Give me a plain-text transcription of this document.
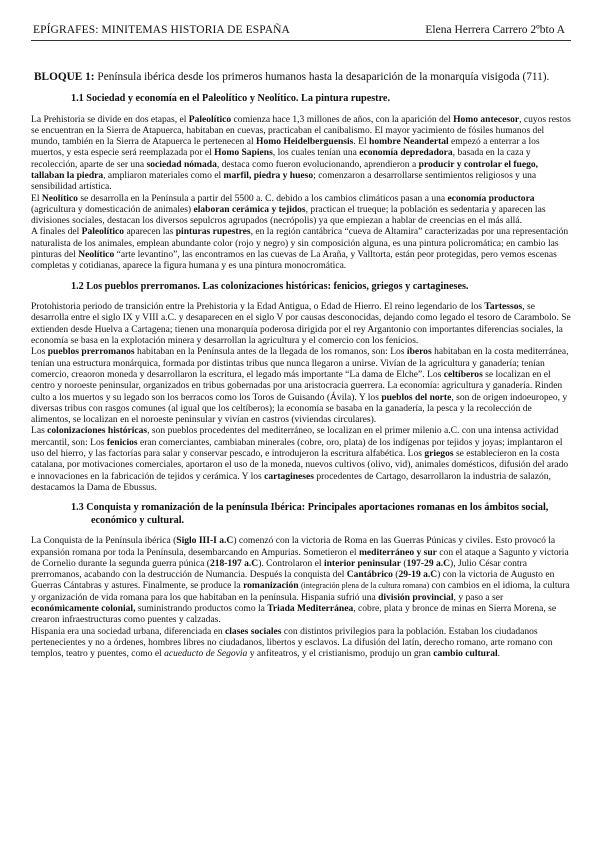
EPÍGRAFES: MINITEMAS HISTORIA DE ESPAÑA	Elena Herrera Carrero 2ºbto A

BLOQUE 1: Península ibérica desde los primeros humanos hasta la desaparición de la monarquía visigoda (711).

1.1 Sociedad y economía en el Paleolítico y Neolítico. La pintura rupestre.

La Prehistoria se divide en dos etapas, el Paleolítico comienza hace 1,3 millones de años, con la aparición del Homo antecesor, cuyos restos se encuentran en la Sierra de Atapuerca, habitaban en cuevas, practicaban el canibalismo. El mayor yacimiento de fósiles humanos del mundo, también en la Sierra de Atapuerca le pertenecen al Homo Heidelberguensis. El hombre Neandertal empezó a enterrar a los muertos, y esta especie será reemplazada por el Homo Sapiens, los cuales tenían una economía depredadora, basada en la caza y recolección, aparte de ser una sociedad nómada, destaca como fueron evolucionando, aprendieron a producir y controlar el fuego, tallaban la piedra, ampliaron materiales como el marfil, piedra y hueso; comenzaron a desarrollarse sentimientos religiosos y una sensibilidad artística.

El Neolítico se desarrolla en la Península a partir del 5500 a. C. debido a los cambios climáticos pasan a una economía productora (agricultura y domesticación de animales) elaboran cerámica y tejidos, practican el trueque; la población es sedentaria y aparecen las divisiones sociales, destacan los diversos sepulcros agrupados (necrópolis) ya que empiezan a hablar de creencias en el más allá.

A finales del Paleolítico aparecen las pinturas rupestres, en la región cantábrica “cueva de Altamira” caracterizadas por una representación naturalista de los animales, emplean abundante color (rojo y negro) y sin composición alguna, es una pintura policromática; en cambio las pinturas del Neolítico “arte levantino”, las encontramos en las cuevas de La Araña, y Valltorta, están peor protegidas, pero vemos escenas completas y cotidianas, aparece la figura humana y es una pintura monocromática.

1.2 Los pueblos prerromanos. Las colonizaciones históricas: fenicios, griegos y cartagineses.

Protohistoria periodo de transición entre la Prehistoria y la Edad Antigua, o Edad de Hierro. El reino legendario de los Tartessos, se desarrolla entre el siglo IX y VIII a.C. y desaparecen en el siglo V por causas desconocidas, dejando como legado el tesoro de Carambolo. Se extienden desde Huelva a Cartagena; tienen una monarquía poderosa dirigida por el rey Argantonio con importantes diferencias sociales, la economía se basa en la explotación minera y desarrollan la agricultura y el comercio con los fenicios.

Los pueblos prerromanos habitaban en la Península antes de la llegada de los romanos, son: Los íberos habitaban en la costa mediterránea, tenían una estructura monárquica, formada por distintas tribus que nunca llegaron a unirse. Vivían de la agricultura y ganadería; tenían comercio, creaoron moneda y desarrollaron la escritura, el legado más importante “La dama de Elche”. Los celtíberos se localizan en el centro y noroeste peninsular, organizados en tribus gobernadas por una aristocracia guerrera. La economía: agricultura y ganadería. Rinden culto a los muertos y su legado son los berracos como los Toros de Guisando (Ávila). Y los pueblos del norte, son de origen indoeuropeo, y diversas tribus con rasgos comunes (al igual que los celtíberos); la economía se basaba en la ganadería, la pesca y la recolección de alimentos, se localizan en el noroeste peninsular y vivían en castros (viviendas circulares).

Las colonizaciones históricas, son pueblos procedentes del mediterráneo, se localizan en el primer milenio a.C. con una intensa actividad mercantil, son: Los fenicios eran comerciantes, cambiaban minerales (cobre, oro, plata) de los indígenas por tejidos y joyas; implantaron el uso del hierro, y las factorías para salar y conservar pescado, e introdujeron la escritura alfabética. Los griegos se establecieron en la costa catalana, por motivaciones comerciales, aportaron el uso de la moneda, nuevos cultivos (olivo, vid), animales domésticos, difusión del arado e innovaciones en la fabricación de tejidos y cerámica. Y los cartagineses procedentes de Cartago, desarrollaron la industria de salazón, destacamos la Dama de Ebussus.

1.3 Conquista y romanización de la península Ibérica: Principales aportaciones romanas en los ámbitos social, económico y cultural.

La Conquista de la Península ibérica (Siglo III-I a.C) comenzó con la victoria de Roma en las Guerras Púnicas y civiles. Esto provocó la expansión romana por toda la Península, desembarcando en Ampurias. Sometieron el mediterráneo y sur con el ataque a Sagunto y victoria de Cornelio durante la segunda guerra púnica (218-197 a.C). Controlaron el interior peninsular (197-29 a.C), Julio César contra prerromanos, acabando con la destrucción de Numancia. Después la conquista del Cantábrico (29-19 a.C) con la victoria de Augusto en Guerras Cántabras y astures. Finalmente, se produce la romanización (integración plena de la cultura romana) con cambios en el idioma, la cultura y organización de vida romana para los que habitaban en la península. Hispania sufrió una división provincial, y paso a ser económicamente colonial, suministrando productos como la Triada Mediterránea, cobre, plata y bronce de minas en Sierra Morena, se crearon infraestructuras como puentes y calzadas.

Hispania era una sociedad urbana, diferenciada en clases sociales con distintos privilegios para la población. Estaban los ciudadanos pertenecientes y no a órdenes, hombres libres no ciudadanos, libertos y esclavos. La difusión del latín, derecho romano, arte romano con templos, teatro y puentes, como el acueducto de Segovia y anfiteatros, y el cristianismo, produjo un gran cambio cultural.
